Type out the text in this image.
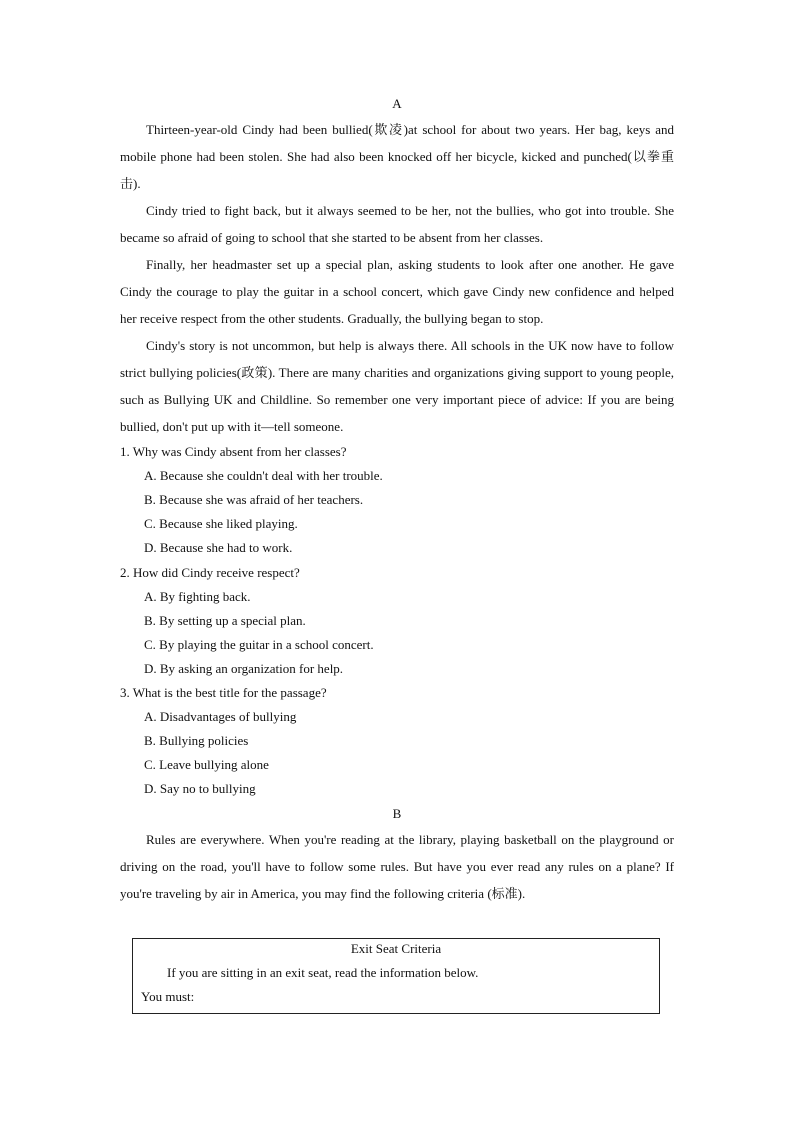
A

Thirteen-year-old Cindy had been bullied(欺凌)at school for about two years. Her bag, keys and mobile phone had been stolen. She had also been knocked off her bicycle, kicked and punched(以拳重击).

Cindy tried to fight back, but it always seemed to be her, not the bullies, who got into trouble. She became so afraid of going to school that she started to be absent from her classes.

Finally, her headmaster set up a special plan, asking students to look after one another. He gave Cindy the courage to play the guitar in a school concert, which gave Cindy new confidence and helped her receive respect from the other students. Gradually, the bullying began to stop.

Cindy's story is not uncommon, but help is always there. All schools in the UK now have to follow strict bullying policies(政策). There are many charities and organizations giving support to young people, such as Bullying UK and Childline. So remember one very important piece of advice: If you are being bullied, don't put up with it—tell someone.

1. Why was Cindy absent from her classes?

A. Because she couldn't deal with her trouble.

B. Because she was afraid of her teachers.

C. Because she liked playing.

D. Because she had to work.

2. How did Cindy receive respect?

A. By fighting back.

B. By setting up a special plan.

C. By playing the guitar in a school concert.

D. By asking an organization for help.

3. What is the best title for the passage?

A. Disadvantages of bullying

B. Bullying policies

C. Leave bullying alone

D. Say no to bullying

B

Rules are everywhere. When you're reading at the library, playing basketball on the playground or driving on the road, you'll have to follow some rules. But have you ever read any rules on a plane? If you're traveling by air in America, you may find the following criteria (标准).

Exit Seat Criteria
If you are sitting in an exit seat, read the information below.
You must:
